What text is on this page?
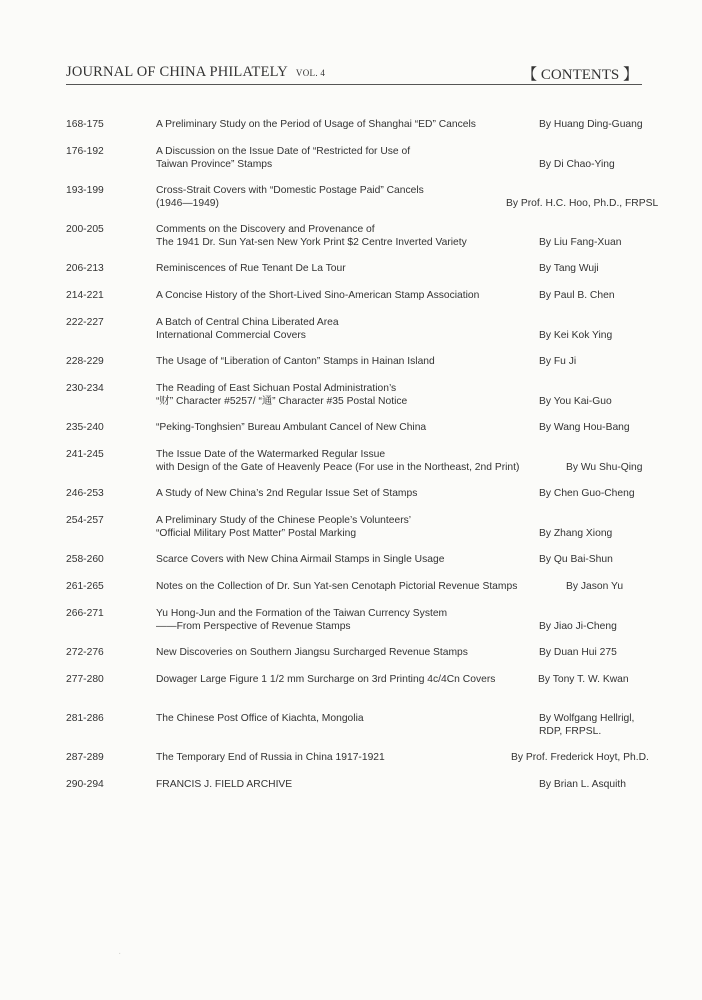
JOURNAL OF CHINA PHILATELY VOL. 4	【 CONTENTS 】
168-175	A Preliminary Study on the Period of Usage of Shanghai “ED” Cancels	By Huang Ding-Guang
176-192	A Discussion on the Issue Date of “Restricted for Use of
Taiwan Province” Stamps	By Di Chao-Ying
193-199	Cross-Strait Covers with “Domestic Postage Paid” Cancels
(1946—1949)	By Prof. H.C. Hoo, Ph.D., FRPSL
200-205	Comments on the Discovery and Provenance of
The 1941 Dr. Sun Yat-sen New York Print $2 Centre Inverted Variety	By Liu Fang-Xuan
206-213	Reminiscences of Rue Tenant De La Tour	By Tang Wuji
214-221	A Concise History of the Short-Lived Sino-American Stamp Association	By Paul B. Chen
222-227	A Batch of Central China Liberated Area
International Commercial Covers	By Kei Kok Ying
228-229	The Usage of “Liberation of Canton” Stamps in Hainan Island	By Fu Ji
230-234	The Reading of East Sichuan Postal Administration’s
“财” Character #5257/ “通” Character #35 Postal Notice	By You Kai-Guo
235-240	“Peking-Tonghsien” Bureau Ambulant Cancel of New China	By Wang Hou-Bang
241-245	The Issue Date of the Watermarked Regular Issue
with Design of the Gate of Heavenly Peace (For use in the Northeast, 2nd Print)	By Wu Shu-Qing
246-253	A Study of New China’s 2nd Regular Issue Set of Stamps	By Chen Guo-Cheng
254-257	A Preliminary Study of the Chinese People’s Volunteers’
“Official Military Post Matter” Postal Marking	By Zhang Xiong
258-260	Scarce Covers with New China Airmail Stamps in Single Usage	By Qu Bai-Shun
261-265	Notes on the Collection of Dr. Sun Yat-sen Cenotaph Pictorial Revenue Stamps	By Jason Yu
266-271	Yu Hong-Jun and the Formation of the Taiwan Currency System
——From Perspective of Revenue Stamps	By Jiao Ji-Cheng
272-276	New Discoveries on Southern Jiangsu Surcharged Revenue Stamps	By Duan Hui 275
277-280	Dowager Large Figure 1 1/2 mm Surcharge on 3rd Printing 4c/4Cn Covers	By Tony T. W. Kwan
281-286	The Chinese Post Office of Kiachta, Mongolia	By Wolfgang Hellrigl,
RDP, FRPSL.
287-289	The Temporary End of Russia in China 1917-1921	By Prof. Frederick Hoyt, Ph.D.
290-294	FRANCIS J. FIELD ARCHIVE	By Brian L. Asquith
·
